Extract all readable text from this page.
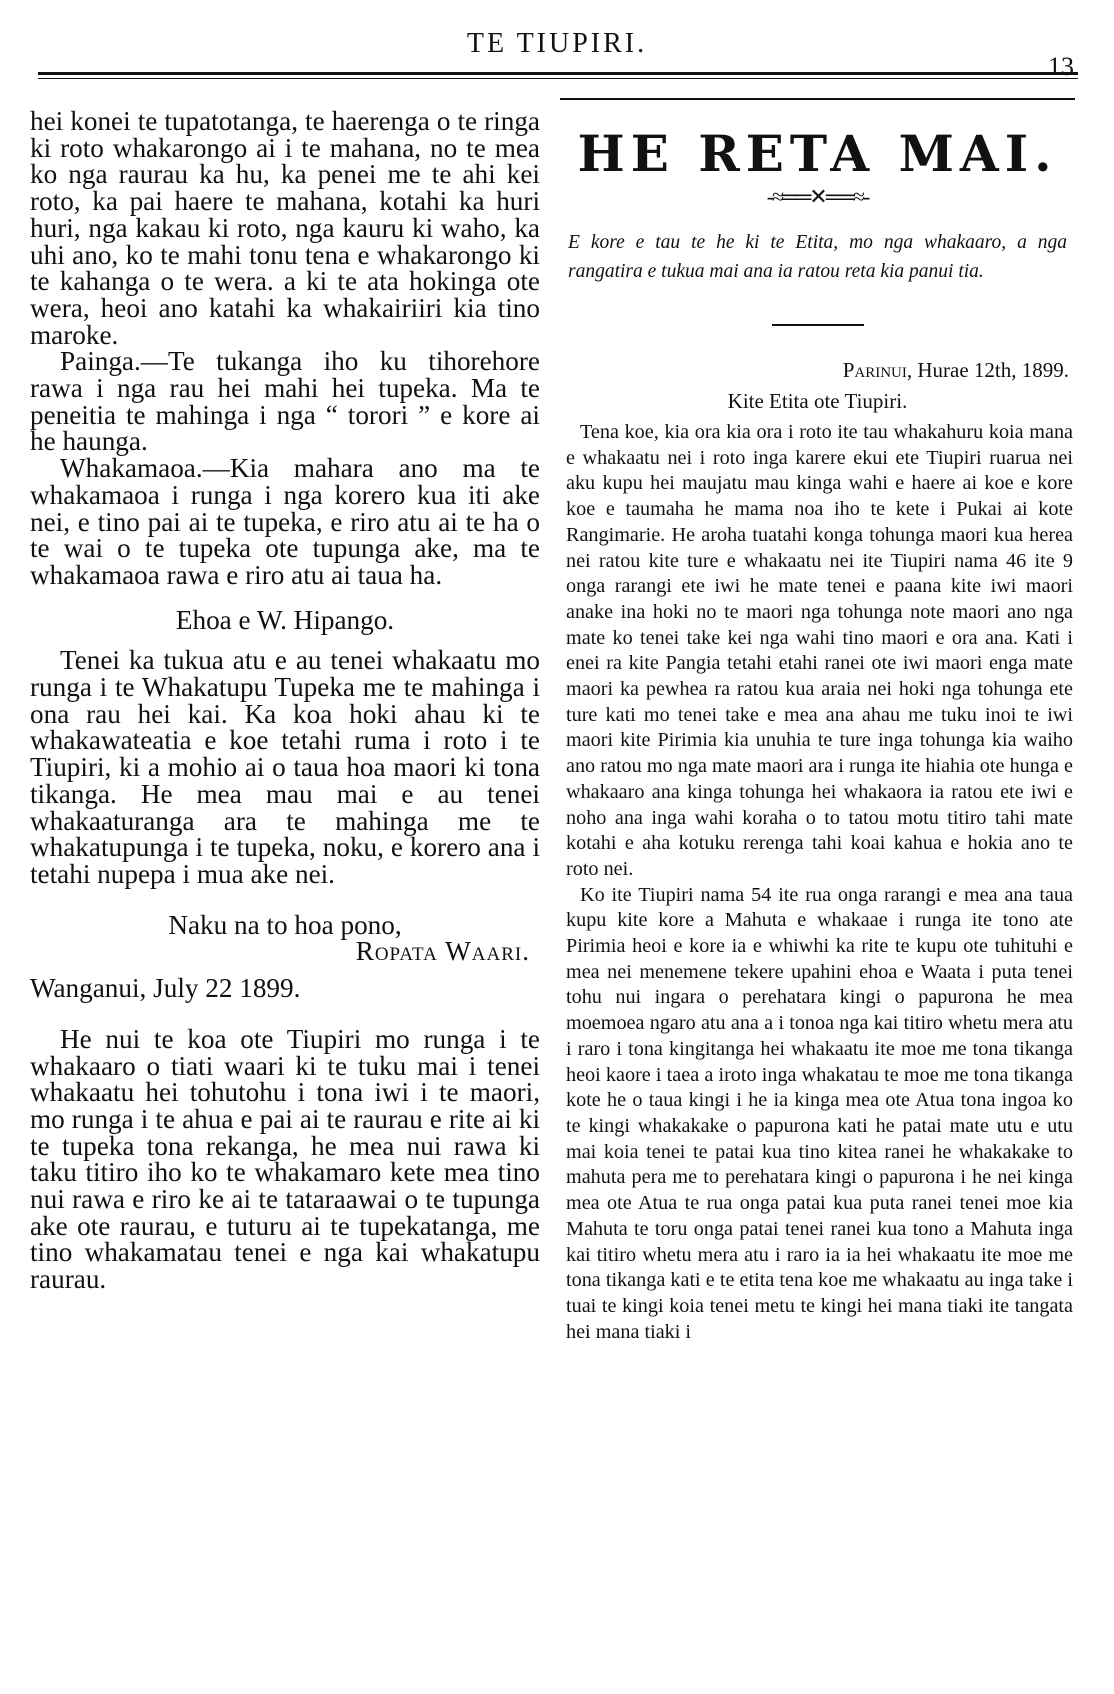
TE TIUPIRI.
13

hei konei te tupatotanga, te haerenga o te ringa ki roto whakarongo ai i te mahana, no te mea ko nga raurau ka hu, ka penei me te ahi kei roto, ka pai haere te mahana, kotahi ka huri huri, nga kakau ki roto, nga kauru ki waho, ka uhi ano, ko te mahi tonu tena e whakarongo ki te kahanga o te wera. a ki te ata hokinga ote wera, heoi ano katahi ka whakairiiri kia tino maroke.

Painga.—Te tukanga iho ku tihorehore rawa i nga rau hei mahi hei tupeka. Ma te peneitia te mahinga i nga “ torori ” e kore ai he haunga.

Whakamaoa.—Kia mahara ano ma te whakamaoa i runga i nga korero kua iti ake nei, e tino pai ai te tupeka, e riro atu ai te ha o te wai o te tupeka ote tupunga ake, ma te whakamaoa rawa e riro atu ai taua ha.

Ehoa e W. Hipango.

Tenei ka tukua atu e au tenei whakaatu mo runga i te Whakatupu Tupeka me te mahinga i ona rau hei kai. Ka koa hoki ahau ki te whakawateatia e koe tetahi ruma i roto i te Tiupiri, ki a mohio ai o taua hoa maori ki tona tikanga. He mea mau mai e au tenei whakaaturanga ara te mahinga me te whakatupunga i te tupeka, noku, e korero ana i tetahi nupepa i mua ake nei.

Naku na to hoa pono,

Ropata Waari.

Wanganui, July 22 1899.

He nui te koa ote Tiupiri mo runga i te whakaaro o tiati waari ki te tuku mai i tenei whakaatu hei tohutohu i tona iwi i te maori, mo runga i te ahua e pai ai te raurau e rite ai ki te tupeka tona rekanga, he mea nui rawa ki taku titiro iho ko te whakamaro kete mea tino nui rawa e riro ke ai te tataraawai o te tupunga ake ote raurau, e tuturu ai te tupekatanga, me tino whakamatau tenei e nga kai whakatupu raurau.

HE RETA MAI.
-≈══✕══≈-
E kore e tau te he ki te Etita, mo nga whakaaro, a nga rangatira e tukua mai ana ia ratou reta kia panui tia.
Parinui, Hurae 12th, 1899.
Kite Etita ote Tiupiri.

Tena koe, kia ora kia ora i roto ite tau whakahuru koia mana e whakaatu nei i roto inga karere ekui ete Tiupiri ruarua nei aku kupu hei maujatu mau kinga wahi e haere ai koe e kore koe e taumaha he mama noa iho te kete i Pukai ai kote Rangimarie. He aroha tuatahi konga tohunga maori kua herea nei ratou kite ture e whakaatu nei ite Tiupiri nama 46 ite 9 onga rarangi ete iwi he mate tenei e paana kite iwi maori anake ina hoki no te maori nga tohunga note maori ano nga mate ko tenei take kei nga wahi tino maori e ora ana. Kati i enei ra kite Pangia tetahi etahi ranei ote iwi maori enga mate maori ka pewhea ra ratou kua araia nei hoki nga tohunga ete ture kati mo tenei take e mea ana ahau me tuku inoi te iwi maori kite Pirimia kia unuhia te ture inga tohunga kia waiho ano ratou mo nga mate maori ara i runga ite hiahia ote hunga e whakaaro ana kinga tohunga hei whakaora ia ratou ete iwi e noho ana inga wahi koraha o to tatou motu titiro tahi mate kotahi e aha kotuku rerenga tahi koai kahua e hokia ano te roto nei.

Ko ite Tiupiri nama 54 ite rua onga rarangi e mea ana taua kupu kite kore a Mahuta e whakaae i runga ite tono ate Pirimia heoi e kore ia e whiwhi ka rite te kupu ote tuhituhi e mea nei menemene tekere upahini ehoa e Waata i puta tenei tohu nui ingara o perehatara kingi o papurona he mea moemoea ngaro atu ana a i tonoa nga kai titiro whetu mera atu i raro i tona kingitanga hei whakaatu ite moe me tona tikanga heoi kaore i taea a iroto inga whakatau te moe me tona tikanga kote he o taua kingi i he ia kinga mea ote Atua tona ingoa ko te kingi whakakake o papurona kati he patai mate utu e utu mai koia tenei te patai kua tino kitea ranei he whakakake to mahuta pera me to perehatara kingi o papurona i he nei kinga mea ote Atua te rua onga patai kua puta ranei tenei moe kia Mahuta te toru onga patai tenei ranei kua tono a Mahuta inga kai titiro whetu mera atu i raro ia ia hei whakaatu ite moe me tona tikanga kati e te etita tena koe me whakaatu au inga take i tuai te kingi koia tenei metu te kingi hei mana tiaki ite tangata hei mana tiaki i
